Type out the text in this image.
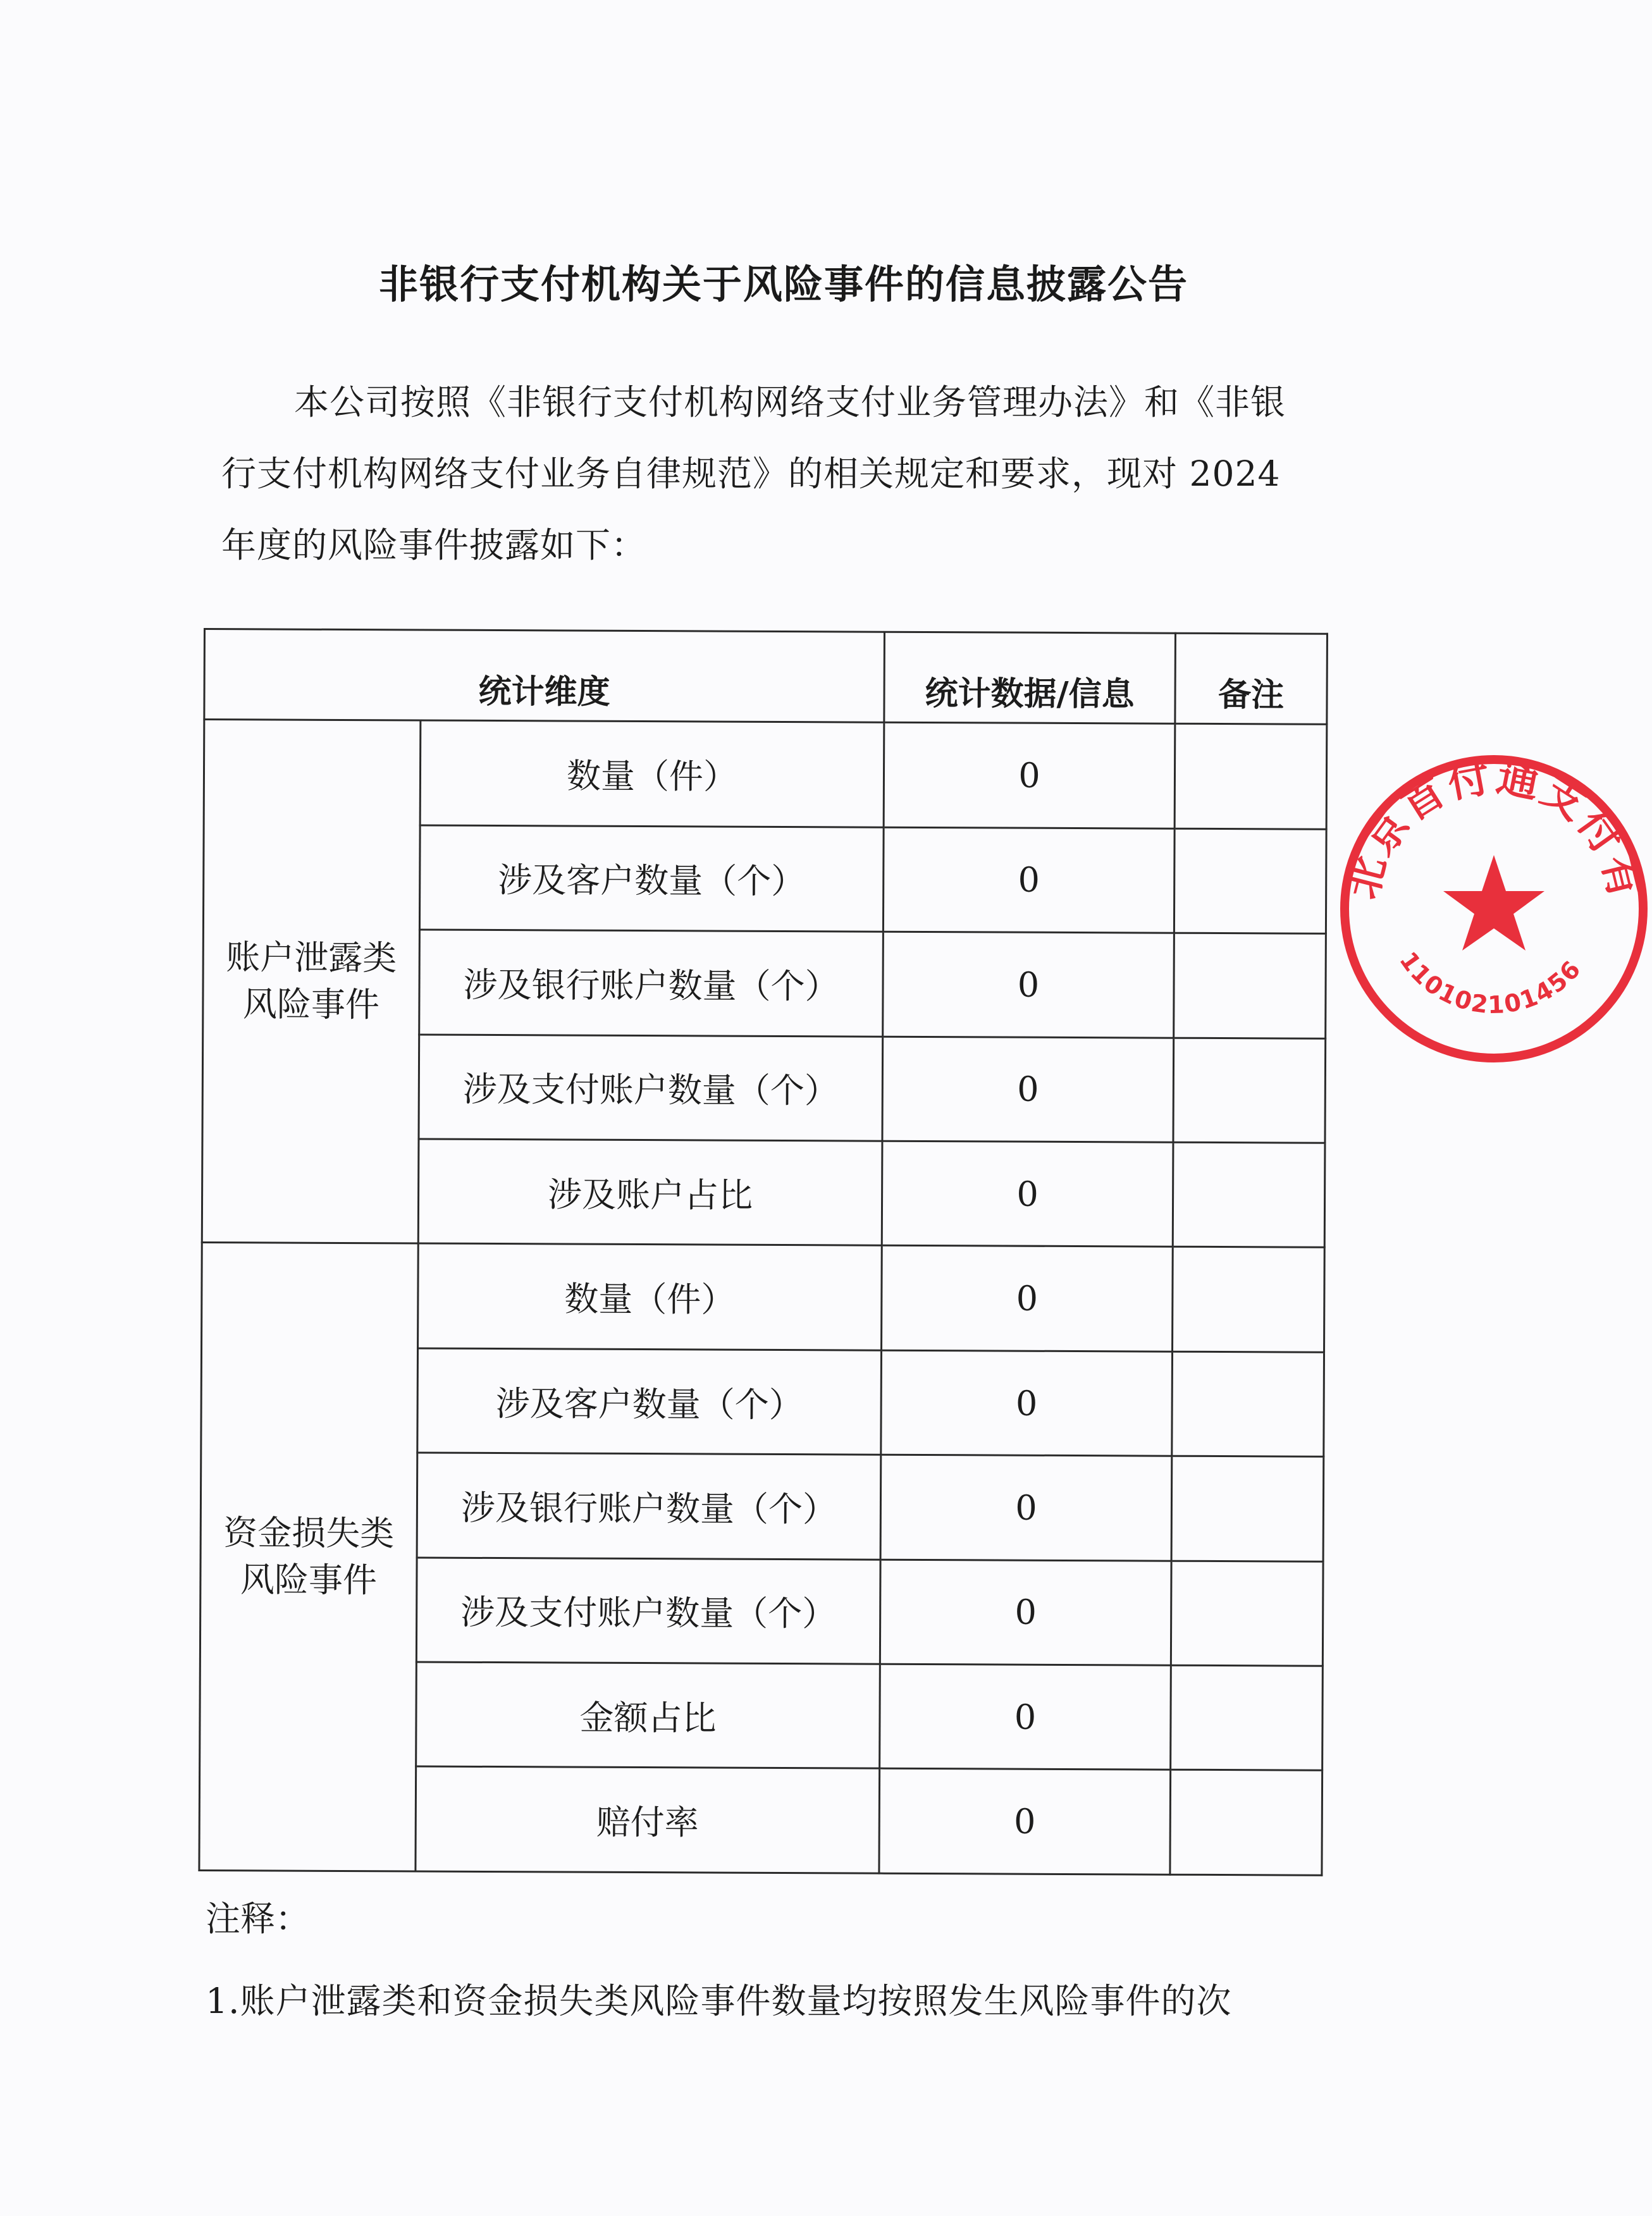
非银行支付机构关于风险事件的信息披露公告
本公司按照《非银行支付机构网络支付业务管理办法》和《非银
行支付机构网络支付业务自律规范》的相关规定和要求，现对 2024
年度的风险事件披露如下：
统计维度		统计数据/信息	备注

账户泄露类
风险事件	数量（件）	0	
	涉及客户数量（个）	0	
	涉及银行账户数量（个）	0	
	涉及支付账户数量（个）	0	
	涉及账户占比	0	

资金损失类
风险事件	数量（件）	0	
	涉及客户数量（个）	0	
	涉及银行账户数量（个）	0	
	涉及支付账户数量（个）	0	
	金额占比	0	
	赔付率	0	
注释：
1.账户泄露类和资金损失类风险事件数量均按照发生风险事件的次
北京首付通支付有
110102101456
